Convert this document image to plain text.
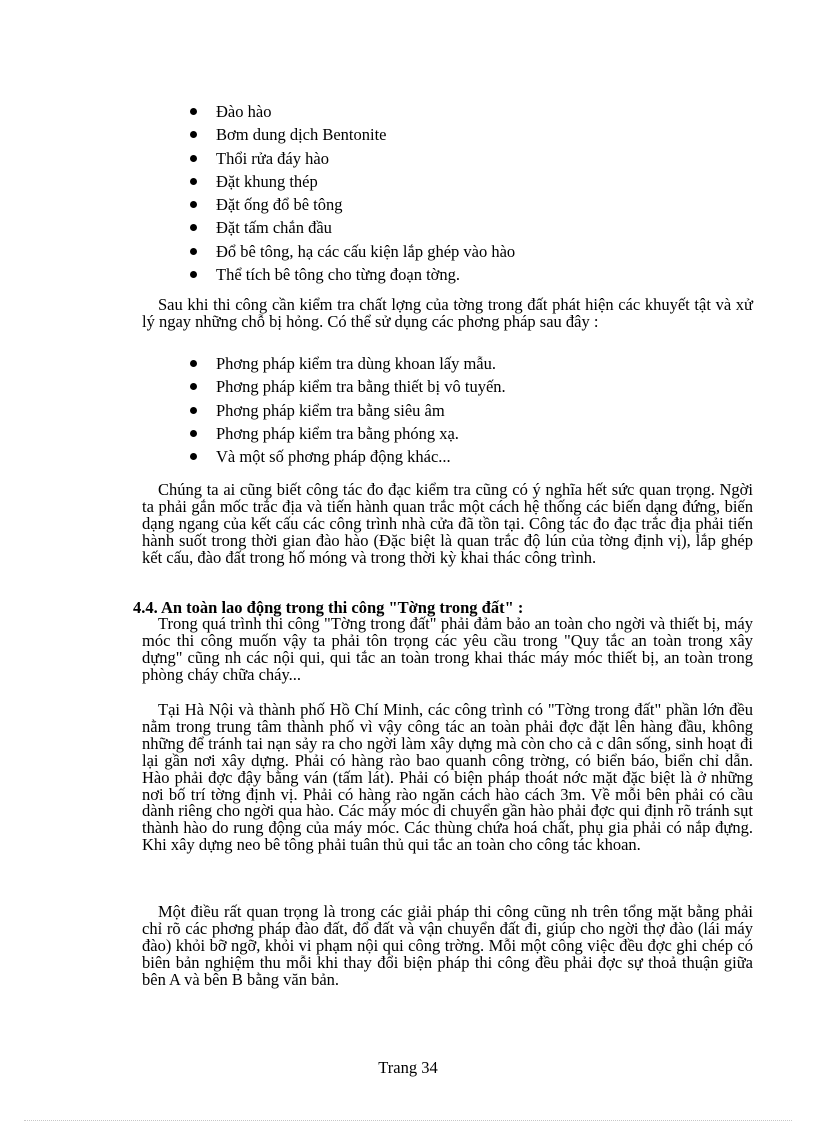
Đào hào
Bơm dung dịch Bentonite
Thổi rửa đáy hào
Đặt khung thép
Đặt ống đổ bê tông
Đặt tấm chắn đầu
Đổ bê tông, hạ các cấu kiện lắp ghép vào hào
Thể tích bê tông cho từng đoạn tờng.

Sau khi thi công cần kiểm tra chất lợng của tờng trong đất phát hiện các khuyết tật và xử lý ngay những chỗ bị hỏng. Có thể sử dụng các phơng pháp sau đây :

Phơng pháp kiểm tra dùng khoan lấy mẫu.
Phơng pháp kiểm tra bằng thiết bị vô tuyến.
Phơng pháp kiểm tra bằng siêu âm
Phơng pháp kiểm tra bằng phóng xạ.
Và một số phơng pháp động khác...

Chúng ta ai cũng biết công tác đo đạc kiểm tra cũng có ý nghĩa hết sức quan trọng. Ngời ta phải gắn mốc trắc địa và tiến hành quan trắc một cách hệ thống các biến dạng đứng, biến dạng ngang của kết cấu các công trình nhà cửa đã tồn tại. Công tác đo đạc trắc địa phải tiến hành suốt trong thời gian đào hào (Đặc biệt là quan trắc độ lún của tờng định vị), lắp ghép kết cấu, đào đất trong hố móng và trong thời kỳ khai thác công trình.

4.4. An toàn lao động trong thi công "Tờng trong đất" :

Trong quá trình thi công "Tờng trong đất" phải đảm bảo an toàn cho ngời và thiết bị, máy móc thi công muốn vậy ta phải tôn trọng các yêu cầu trong "Quy tắc an toàn trong xây dựng" cũng nh các nội qui, qui tắc an toàn trong khai thác máy móc thiết bị, an toàn trong phòng cháy chữa cháy...

Tại Hà Nội và thành phố Hồ Chí Minh, các công trình có "Tờng trong đất" phần lớn đều nằm trong trung tâm thành phố vì vậy công tác an toàn phải đợc đặt lên hàng đầu, không những để tránh tai nạn sảy ra cho ngời làm xây dựng mà còn cho cả c dân sống, sinh hoạt đi lại gần nơi xây dựng. Phải có hàng rào bao quanh công trờng, có biển báo, biển chỉ dẫn. Hào phải đợc đậy bằng ván (tấm lát). Phải có biện pháp thoát nớc mặt đặc biệt là ở những nơi bố trí tờng định vị. Phải có hàng rào ngăn cách hào cách 3m. Về mỗi bên phải có cầu dành riêng cho ngời qua hào. Các máy móc di chuyển gần hào phải đợc qui định rõ tránh sụt thành hào do rung động của máy móc. Các thùng chứa hoá chất, phụ gia phải có nắp đựng. Khi xây dựng neo bê tông phải tuân thủ qui tắc an toàn cho công tác khoan.

Một điều rất quan trọng là trong các giải pháp thi công cũng nh trên tổng mặt bằng phải chỉ rõ các phơng pháp đào đất, đổ đất và vận chuyển đất đi, giúp cho ngời thợ đào (lái máy đào) khỏi bỡ ngỡ, khỏi vi phạm nội qui công trờng. Mỗi một công việc đều đợc ghi chép có biên bản nghiệm thu mỗi khi thay đổi biện pháp thi công đều phải đợc sự thoả thuận giữa bên A và bên B bằng văn bản.

Trang 34
